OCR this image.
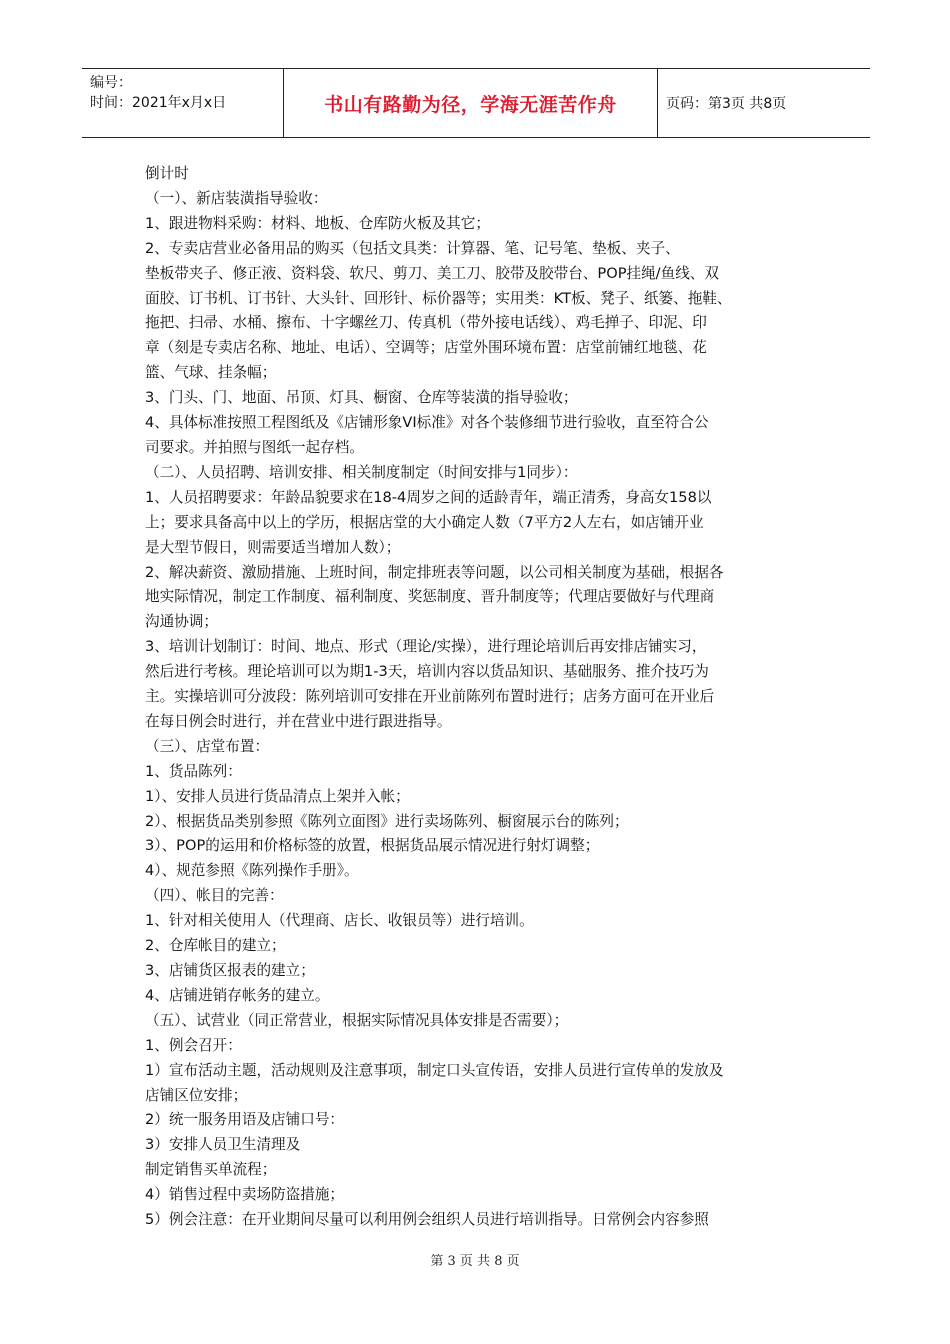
编号：
时间：2021年x月x日	书山有路勤为径，学海无涯苦作舟	页码：第3页 共8页

倒计时

（一）、新店装潢指导验收：

1、跟进物料采购：材料、地板、仓库防火板及其它；

2、专卖店营业必备用品的购买（包括文具类：计算器、笔、记号笔、垫板、夹子、

垫板带夹子、修正液、资料袋、软尺、剪刀、美工刀、胶带及胶带台、POP挂绳/鱼线、双

面胶、订书机、订书针、大头针、回形针、标价器等；实用类：KT板、凳子、纸篓、拖鞋、

拖把、扫帚、水桶、擦布、十字螺丝刀、传真机（带外接电话线）、鸡毛掸子、印泥、印

章（刻是专卖店名称、地址、电话）、空调等；店堂外围环境布置：店堂前铺红地毯、花

篮、气球、挂条幅；

3、门头、门、地面、吊顶、灯具、橱窗、仓库等装潢的指导验收；

4、具体标准按照工程图纸及《店铺形象VI标准》对各个装修细节进行验收，直至符合公

司要求。并拍照与图纸一起存档。

（二）、人员招聘、培训安排、相关制度制定（时间安排与1同步）：

1、人员招聘要求：年龄品貌要求在18-4周岁之间的适龄青年，端正清秀，身高女158以

上；要求具备高中以上的学历，根据店堂的大小确定人数（7平方2人左右，如店铺开业

是大型节假日，则需要适当增加人数）；

2、解决薪资、激励措施、上班时间，制定排班表等问题，以公司相关制度为基础，根据各

地实际情况，制定工作制度、福利制度、奖惩制度、晋升制度等；代理店要做好与代理商

沟通协调；

3、培训计划制订：时间、地点、形式（理论/实操），进行理论培训后再安排店铺实习，

然后进行考核。理论培训可以为期1-3天，培训内容以货品知识、基础服务、推介技巧为

主。实操培训可分波段：陈列培训可安排在开业前陈列布置时进行；店务方面可在开业后

在每日例会时进行，并在营业中进行跟进指导。

（三）、店堂布置：

1、货品陈列：

1）、安排人员进行货品清点上架并入帐；

2）、根据货品类别参照《陈列立面图》进行卖场陈列、橱窗展示台的陈列；

3）、POP的运用和价格标签的放置，根据货品展示情况进行射灯调整；

4）、规范参照《陈列操作手册》。

（四）、帐目的完善：

1、针对相关使用人（代理商、店长、收银员等）进行培训。

2、仓库帐目的建立；

3、店铺货区报表的建立；

4、店铺进销存帐务的建立。

（五）、试营业（同正常营业，根据实际情况具体安排是否需要）；

1、例会召开：

1）宣布活动主题，活动规则及注意事项，制定口头宣传语，安排人员进行宣传单的发放及

店铺区位安排；

2）统一服务用语及店铺口号：

3）安排人员卫生清理及

制定销售买单流程；

4）销售过程中卖场防盗措施；

5）例会注意：在开业期间尽量可以利用例会组织人员进行培训指导。日常例会内容参照

第 3 页 共 8 页
